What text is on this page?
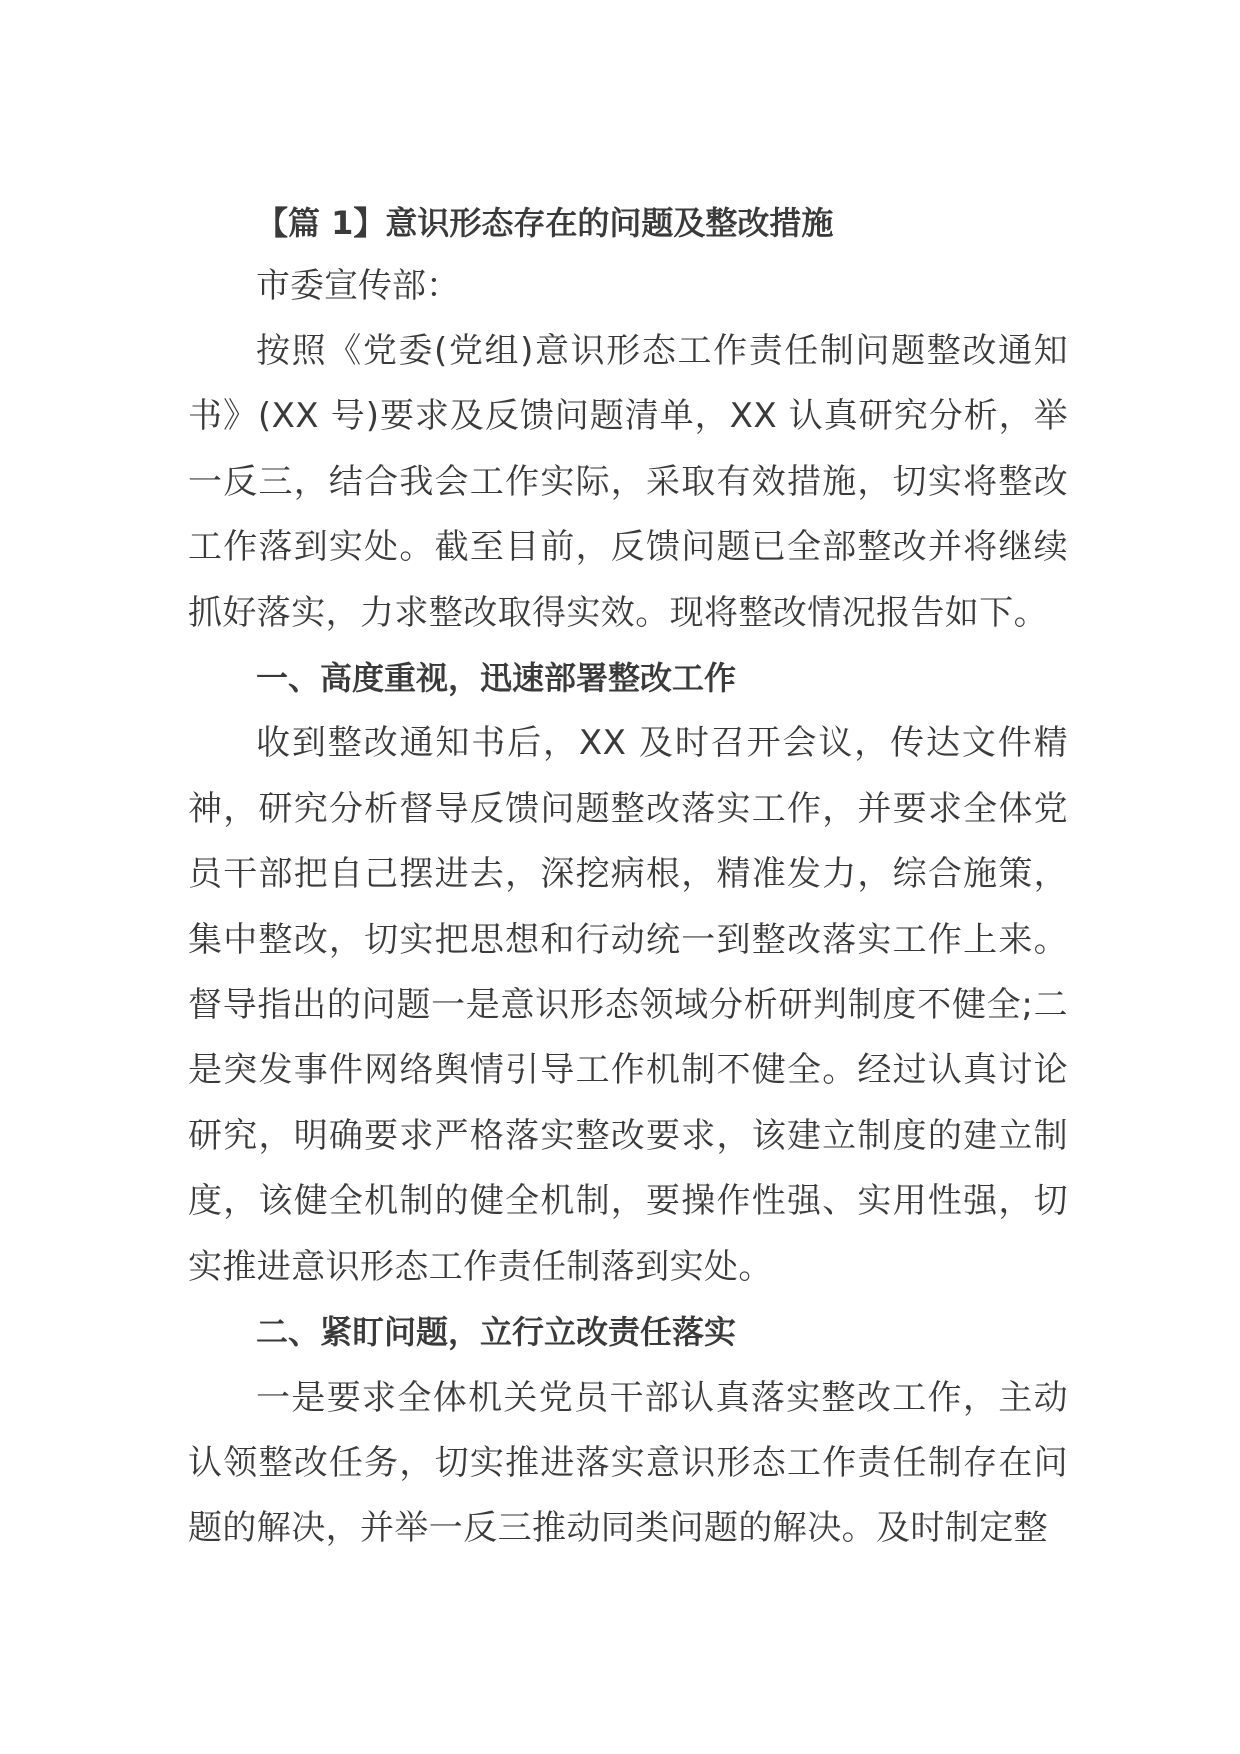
【篇 1】意识形态存在的问题及整改措施

市委宣传部：

按照《党委(党组)意识形态工作责任制问题整改通知书》(XX 号)要求及反馈问题清单，XX 认真研究分析，举一反三，结合我会工作实际，采取有效措施，切实将整改工作落到实处。截至目前，反馈问题已全部整改并将继续抓好落实，力求整改取得实效。现将整改情况报告如下。

一、高度重视，迅速部署整改工作

收到整改通知书后，XX 及时召开会议，传达文件精神，研究分析督导反馈问题整改落实工作，并要求全体党员干部把自己摆进去，深挖病根，精准发力，综合施策，集中整改，切实把思想和行动统一到整改落实工作上来。督导指出的问题一是意识形态领域分析研判制度不健全;二是突发事件网络舆情引导工作机制不健全。经过认真讨论研究，明确要求严格落实整改要求，该建立制度的建立制度，该健全机制的健全机制，要操作性强、实用性强，切实推进意识形态工作责任制落到实处。

二、紧盯问题，立行立改责任落实

一是要求全体机关党员干部认真落实整改工作，主动认领整改任务，切实推进落实意识形态工作责任制存在问题的解决，并举一反三推动同类问题的解决。及时制定整
